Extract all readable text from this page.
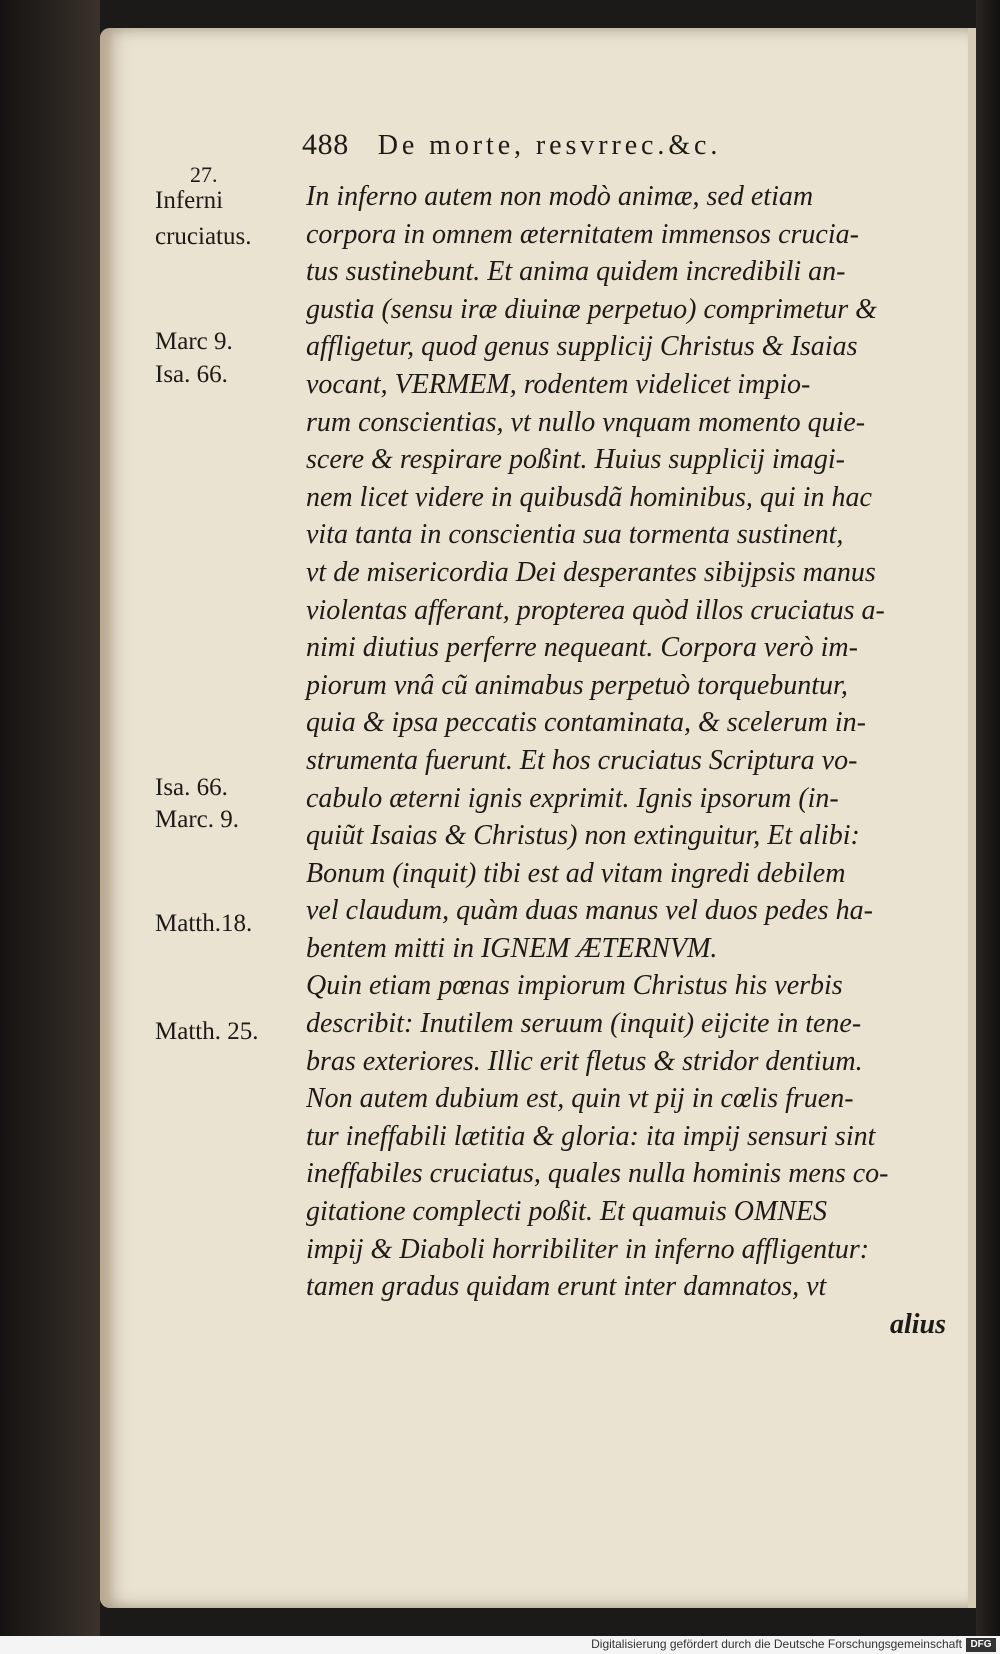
488 De morte, resvrrec.&c.
27.
Inferni
cruciatus.
Marc 9.
Isa. 66.
Isa. 66.
Marc. 9.
Matth.18.
Matth. 25.
In inferno autem non modò animæ, sed etiam
corpora in omnem æternitatem immensos crucia-
tus sustinebunt. Et anima quidem incredibili an-
gustia (sensu iræ diuinæ perpetuo) comprimetur &
affligetur, quod genus supplicij Christus & Isaias
vocant, VERMEM, rodentem videlicet impio-
rum conscientias, vt nullo vnquam momento quie-
scere & respirare poßint. Huius supplicij imagi-
nem licet videre in quibusdã hominibus, qui in hac
vita tanta in conscientia sua tormenta sustinent,
vt de misericordia Dei desperantes sibijpsis manus
violentas afferant, propterea quòd illos cruciatus a-
nimi diutius perferre nequeant. Corpora verò im-
piorum vnâ cũ animabus perpetuò torquebuntur,
quia & ipsa peccatis contaminata, & scelerum in-
strumenta fuerunt. Et hos cruciatus Scriptura vo-
cabulo æterni ignis exprimit. Ignis ipsorum (in-
quiũt Isaias & Christus) non extinguitur, Et alibi:
Bonum (inquit) tibi est ad vitam ingredi debilem
vel claudum, quàm duas manus vel duos pedes ha-
bentem mitti in IGNEM ÆTERNVM.
Quin etiam pœnas impiorum Christus his verbis
describit: Inutilem seruum (inquit) eijcite in tene-
bras exteriores. Illic erit fletus & stridor dentium.
Non autem dubium est, quin vt pij in cœlis fruen-
tur ineffabili lætitia & gloria: ita impij sensuri sint
ineffabiles cruciatus, quales nulla hominis mens co-
gitatione complecti poßit. Et quamuis OMNES
impij & Diaboli horribiliter in inferno affligentur:
tamen gradus quidam erunt inter damnatos, vt
alius
Digitalisierung gefördert durch die Deutsche Forschungsgemeinschaft DFG
